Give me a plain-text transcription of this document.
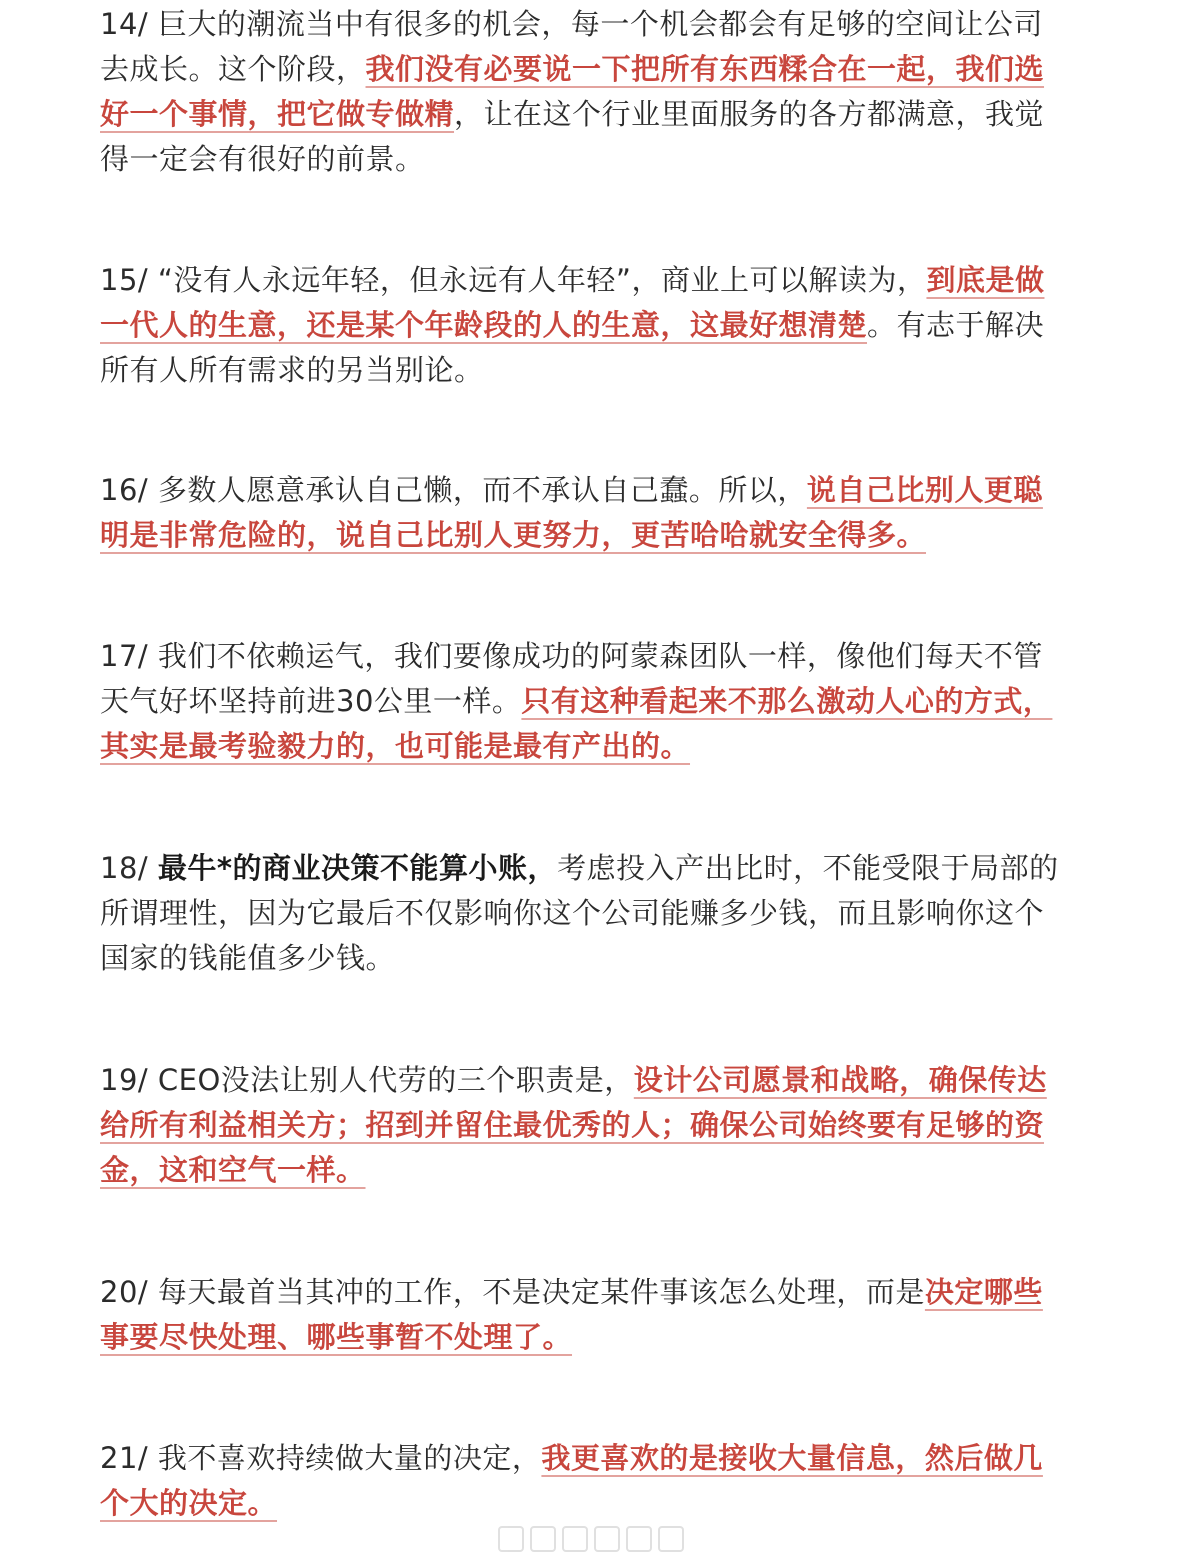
14/ 巨大的潮流当中有很多的机会，每一个机会都会有足够的空间让公司去成长。这个阶段，我们没有必要说一下把所有东西糅合在一起，我们选好一个事情，把它做专做精，让在这个行业里面服务的各方都满意，我觉得一定会有很好的前景。

15/ “没有人永远年轻，但永远有人年轻”，商业上可以解读为，到底是做一代人的生意，还是某个年龄段的人的生意，这最好想清楚。有志于解决所有人所有需求的另当别论。

16/ 多数人愿意承认自己懒，而不承认自己蠢。所以，说自己比别人更聪明是非常危险的，说自己比别人更努力，更苦哈哈就安全得多。

17/ 我们不依赖运气，我们要像成功的阿蒙森团队一样，像他们每天不管天气好坏坚持前进30公里一样。只有这种看起来不那么激动人心的方式，其实是最考验毅力的，也可能是最有产出的。

18/ 最牛*的商业决策不能算小账，考虑投入产出比时，不能受限于局部的所谓理性，因为它最后不仅影响你这个公司能赚多少钱，而且影响你这个国家的钱能值多少钱。

19/ CEO没法让别人代劳的三个职责是，设计公司愿景和战略，确保传达给所有利益相关方；招到并留住最优秀的人；确保公司始终要有足够的资金，这和空气一样。

20/ 每天最首当其冲的工作，不是决定某件事该怎么处理，而是决定哪些事要尽快处理、哪些事暂不处理了。

21/ 我不喜欢持续做大量的决定，我更喜欢的是接收大量信息，然后做几个大的决定。
